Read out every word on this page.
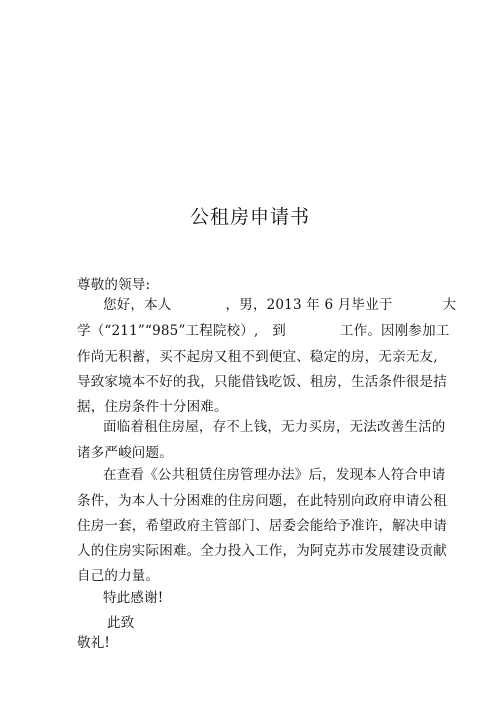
公租房申请书
尊敬的领导:
您好，本人	，男，2013 年 6 月毕业于	大
学（“211”“985”工程院校）,　到	工作。因刚参加工
作尚无积蓄，买不起房又租不到便宜、稳定的房，无亲无友,
导致家境本不好的我，只能借钱吃饭、租房，生活条件很是拮
据，住房条件十分困难。
面临着租住房屋，存不上钱，无力买房，无法改善生活的
诸多严峻问题。
在查看《公共租赁住房管理办法》后，发现本人符合申请
条件，为本人十分困难的住房问题，在此特别向政府申请公租
住房一套，希望政府主管部门、居委会能给予准许，解决申请
人的住房实际困难。全力投入工作，为阿克苏市发展建设贡献
自己的力量。
特此感谢!
此致
敬礼!
